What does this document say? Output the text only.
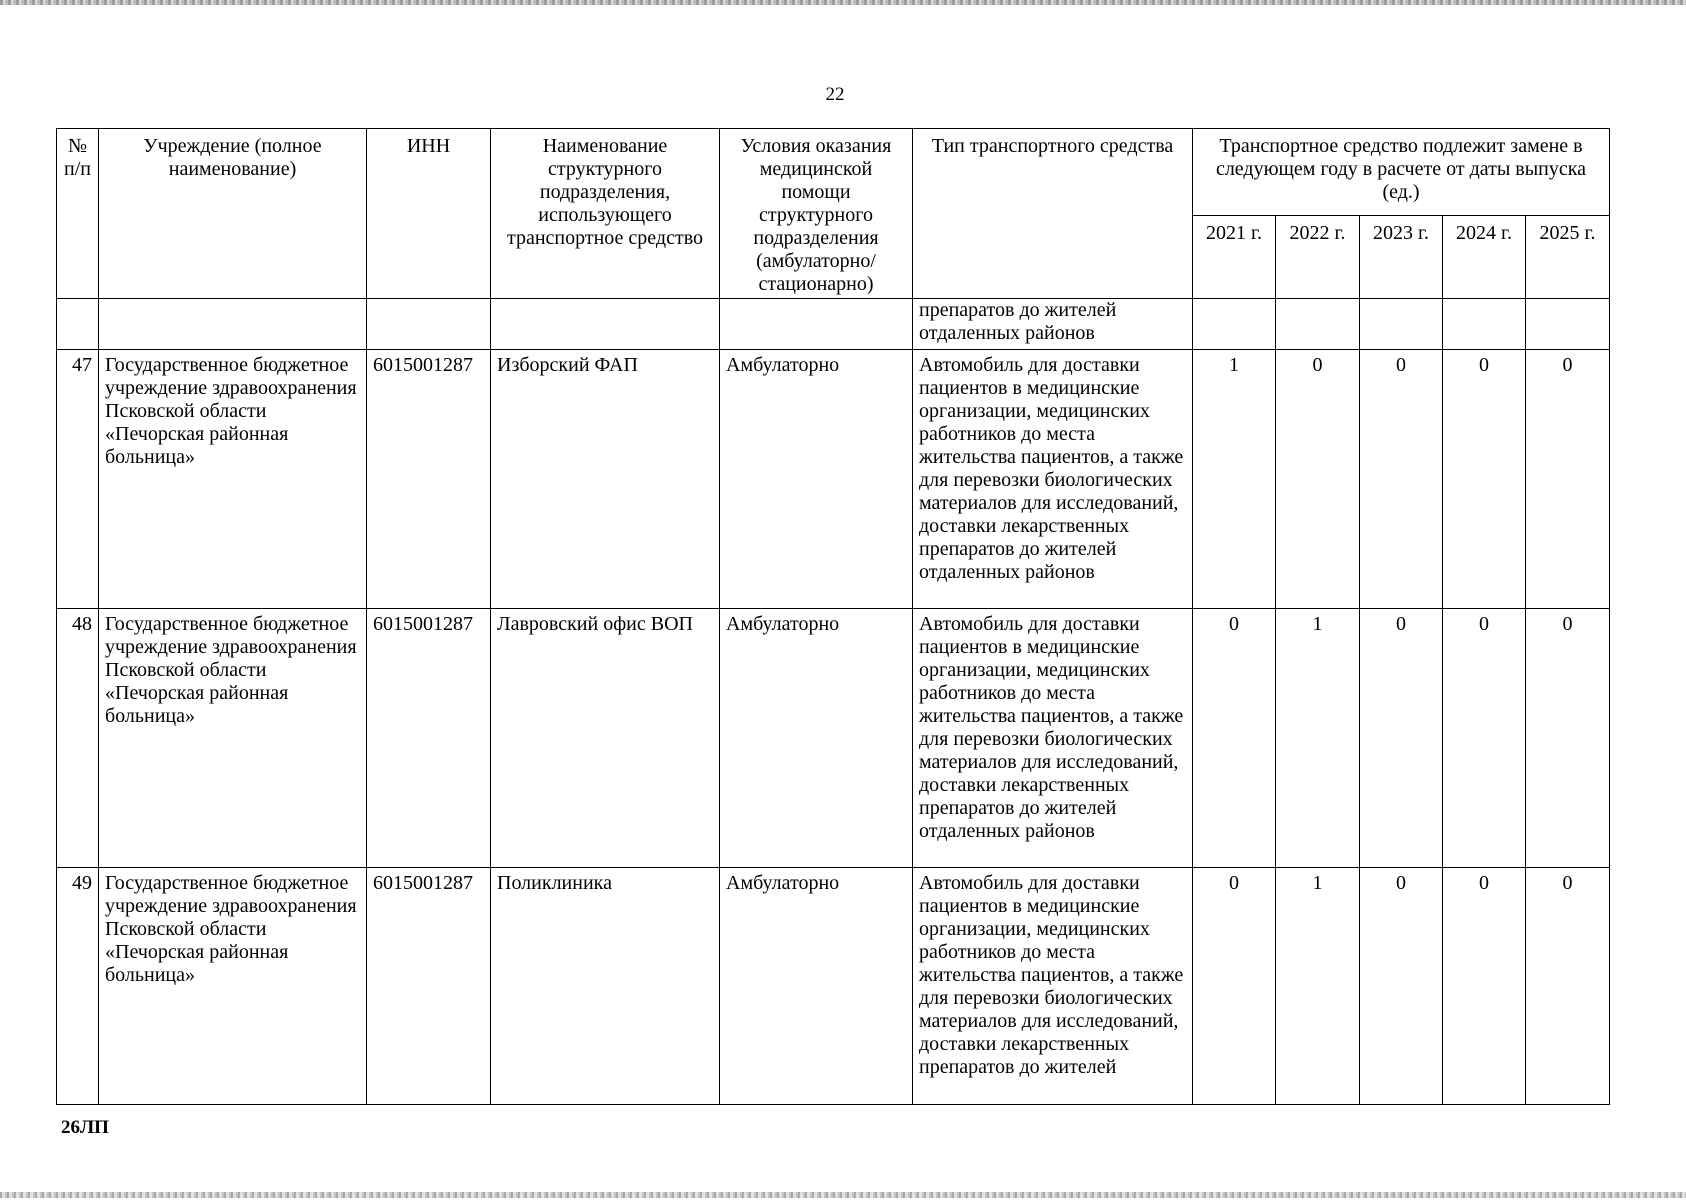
22
№ п/п	Учреждение (полное наименование)	ИНН	Наименование структурного подразделения, использующего транспортное средство	Условия оказания медицинской помощи структурного подразделения (амбулаторно/ стационарно)	Тип транспортного средства	Транспортное средство подлежит замене в следующем году в расчете от даты выпуска (ед.)				
						2021 г.	2022 г.	2023 г.	2024 г.	2025 г.
					препаратов до жителей отдаленных районов					
47	Государственное бюджетное учреждение здравоохранения Псковской области «Печорская районная больница»	6015001287	Изборский ФАП	Амбулаторно	Автомобиль для доставки пациентов в медицинские организации, медицинских работников до места жительства пациентов, а также для перевозки биологических материалов для исследований, доставки лекарственных препаратов до жителей отдаленных районов	1	0	0	0	0
48	Государственное бюджетное учреждение здравоохранения Псковской области «Печорская районная больница»	6015001287	Лавровский офис ВОП	Амбулаторно	Автомобиль для доставки пациентов в медицинские организации, медицинских работников до места жительства пациентов, а также для перевозки биологических материалов для исследований, доставки лекарственных препаратов до жителей отдаленных районов	0	1	0	0	0
49	Государственное бюджетное учреждение здравоохранения Псковской области «Печорская районная больница»	6015001287	Поликлиника	Амбулаторно	Автомобиль для доставки пациентов в медицинские организации, медицинских работников до места жительства пациентов, а также для перевозки биологических материалов для исследований, доставки лекарственных препаратов до жителей	0	1	0	0	0
26ЛП
